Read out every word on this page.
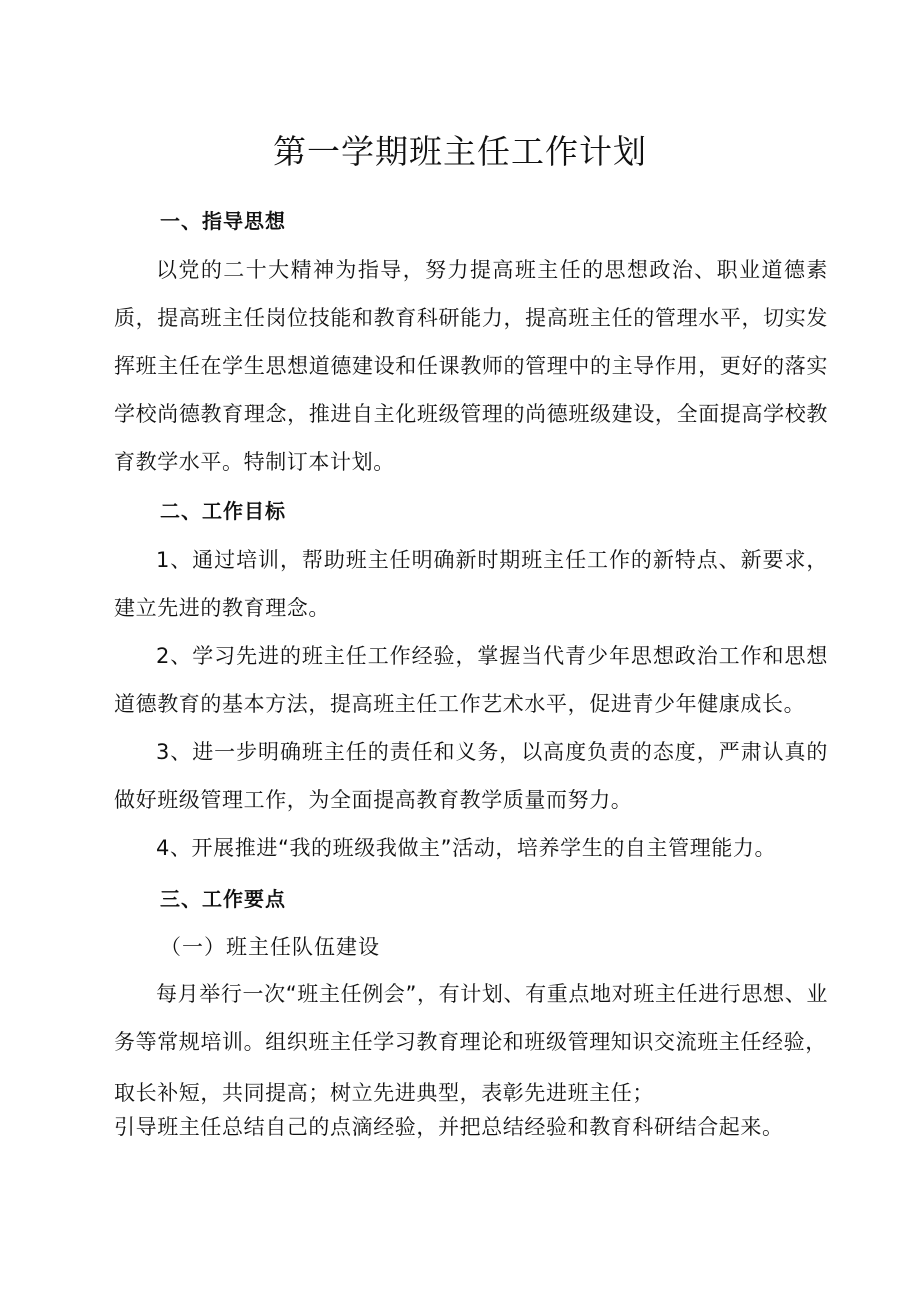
第一学期班主任工作计划
一、指导思想
以党的二十大精神为指导，努力提高班主任的思想政治、职业道德素质，提高班主任岗位技能和教育科研能力，提高班主任的管理水平，切实发挥班主任在学生思想道德建设和任课教师的管理中的主导作用，更好的落实学校尚德教育理念，推进自主化班级管理的尚德班级建设，全面提高学校教育教学水平。特制订本计划。
二、工作目标
1、通过培训，帮助班主任明确新时期班主任工作的新特点、新要求，建立先进的教育理念。
2、学习先进的班主任工作经验，掌握当代青少年思想政治工作和思想道德教育的基本方法，提高班主任工作艺术水平，促进青少年健康成长。
3、进一步明确班主任的责任和义务，以高度负责的态度，严肃认真的做好班级管理工作，为全面提高教育教学质量而努力。
4、开展推进“我的班级我做主”活动，培养学生的自主管理能力。
三、工作要点
（一）班主任队伍建设
每月举行一次“班主任例会”，有计划、有重点地对班主任进行思想、业务等常规培训。组织班主任学习教育理论和班级管理知识交流班主任经验，
取长补短，共同提高；树立先进典型，表彰先进班主任；
引导班主任总结自己的点滴经验，并把总结经验和教育科研结合起来。
